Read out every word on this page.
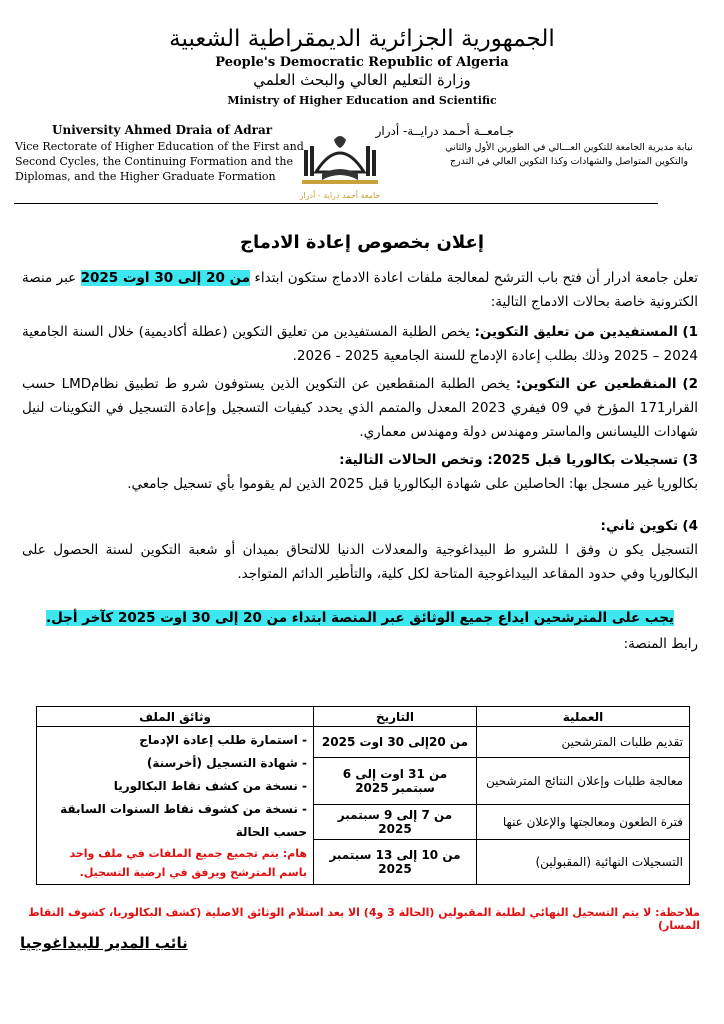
الجمهورية الجزائرية الديمقراطية الشعبية
People's Democratic Republic of Algeria
وزارة التعليم العالي والبحث العلمي
Ministry of Higher Education and Scientific
University Ahmed Draia of Adrar
Vice Rectorate of Higher Education of the First and
Second Cycles, the Continuing Formation and the
Diplomas, and the Higher Graduate Formation
جـامعــة أحـمد درايــة- أدرار
نيابة مديرية الجامعة للتكوين العـــالي في الطورين الأول والثاني
والتكوين المتواصل والشهادات وكذا التكوين العالي في التدرج
جامعة أحمد دراية - أدرار
إعلان بخصوص إعادة الادماج
تعلن جامعة ادرار أن فتح باب الترشح لمعالجة ملفات اعادة الادماج ستكون ابتداء من 20 إلى 30 اوت 2025 عبر منصة الكترونية خاصة بحالات الادماج التالية:
1) المستفيدين من تعليق التكوين: يخص الطلبة المستفيدين من تعليق التكوين (عطلة أكاديمية) خلال السنة الجامعية 2024 – 2025 وذلك بطلب إعادة الإدماج للسنة الجامعية 2025 - 2026.
2) المنقطعين عن التكوين: يخص الطلبة المنقطعين عن التكوين الذين يستوفون شرو ط تطبيق نظامLMD حسب القرار171 المؤرخ في 09 فيفري 2023 المعدل والمتمم الذي يحدد كيفيات التسجيل وإعادة التسجيل في التكوينات لنيل شهادات الليسانس والماستر ومهندس دولة ومهندس معماري.
3) تسجيلات بكالوريا قبل 2025: وتخص الحالات التالية:
بكالوريا غير مسجل بها: الحاصلين على شهادة البكالوريا قبل 2025 الذين لم يقوموا بأي تسجيل جامعي.
4) تكوين ثاني:
التسجيل يكو ن وفق ا للشرو ط البيداغوجية والمعدلات الدنيا للالتحاق بميدان أو شعبة التكوين لسنة الحصول على البكالوريا وفي حدود المقاعد البيداغوجية المتاحة لكل كلية، والتأطير الدائم المتواجد.
يجب على المترشحين ايداع جميع الوثائق عبر المنصة ابتداء من 20 إلى 30 اوت 2025 كآخر أجل.
رابط المنصة:
العملية	التاريخ	وثائق الملف
تقديم طلبات المترشحين	من 20إلى 30 اوت 2025	- استمارة طلب إعادة الإدماج
- شهادة التسجيل (أخرسنة)
- نسخة من كشف نقاط البكالوريا
- نسخة من كشوف نقاط السنوات السابقة حسب الحالة
هام: يتم تجميع جميع الملفات في ملف واحد باسم المترشح ويرفق في ارضية التسجيل.

معالجة طلبات وإعلان النتائج المترشحين	من 31 اوت إلى 6 سبتمبر 2025	
فترة الطعون ومعالجتها والإعلان عنها	من 7 إلى 9 سبتمبر 2025	
التسجيلات النهائية (المقبولين)	من 10 إلى 13 سبتمبر 2025	
ملاحظة: لا يتم التسجيل النهائي لطلبة المقبولين (الحالة 3 و4) الا بعد استلام الوثائق الاصلية (كشف البكالوريا، كشوف النقاط المسار)
نائب المدير للبيداغوجيا
